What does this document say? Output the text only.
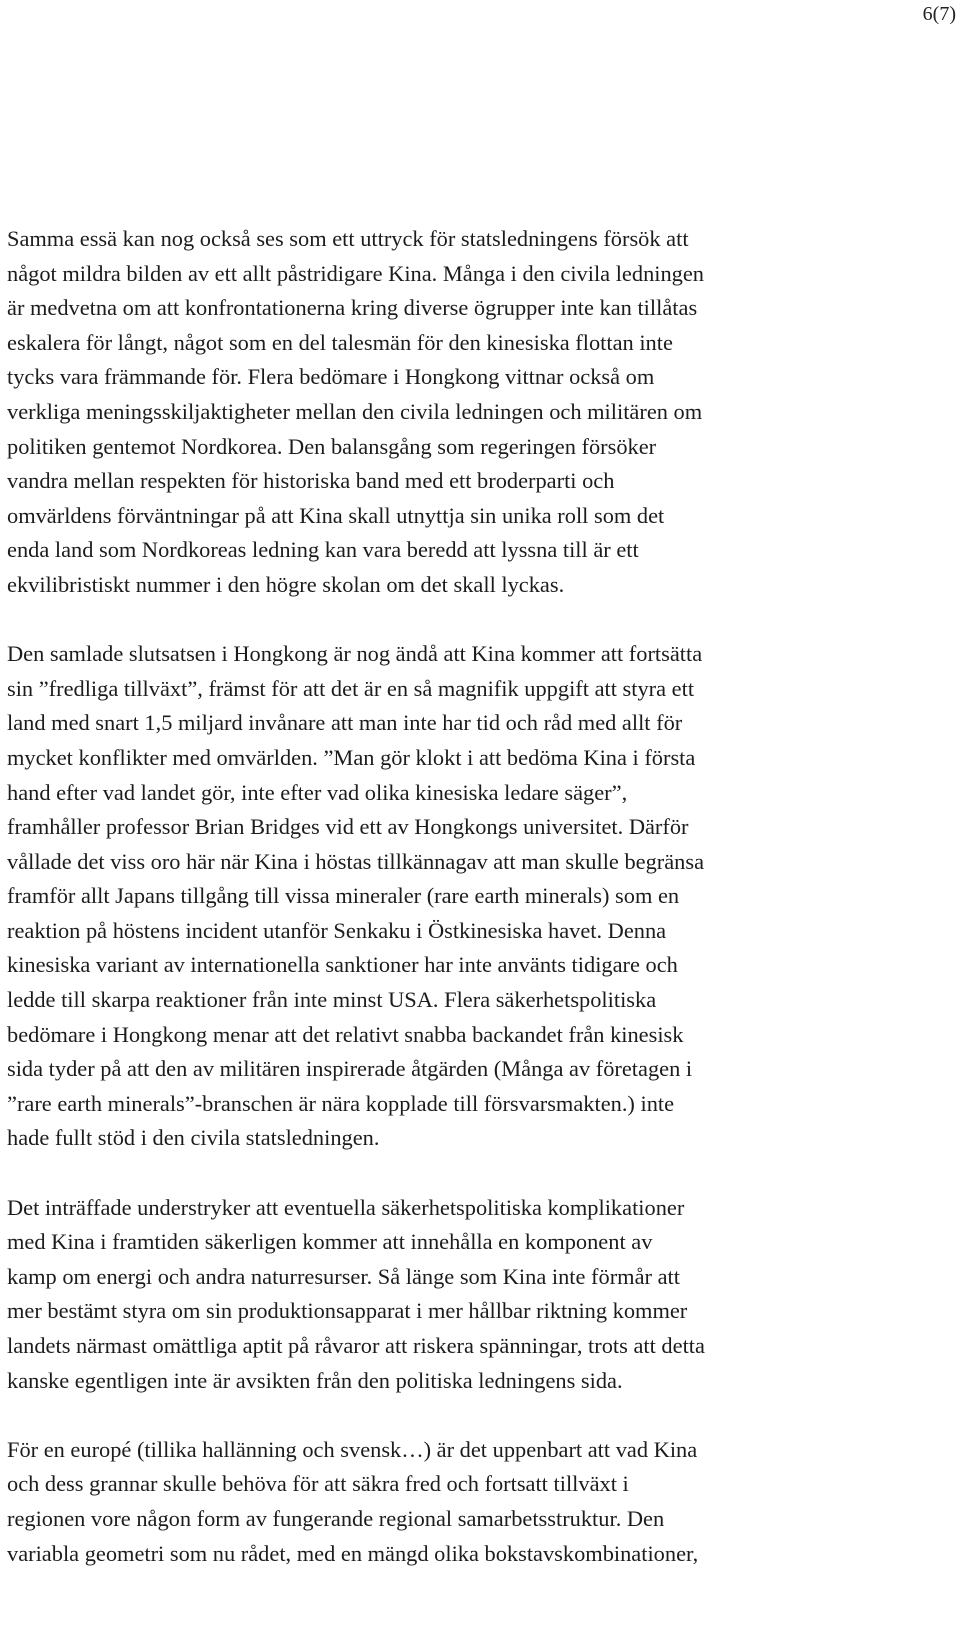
6(7)

Samma essä kan nog också ses som ett uttryck för statsledningens försök att
något mildra bilden av ett allt påstridigare Kina. Många i den civila ledningen
är medvetna om att konfrontationerna kring diverse ögrupper inte kan tillåtas
eskalera för långt, något som en del talesmän för den kinesiska flottan inte
tycks vara främmande för. Flera bedömare i Hongkong vittnar också om
verkliga meningsskiljaktigheter mellan den civila ledningen och militären om
politiken gentemot Nordkorea. Den balansgång som regeringen försöker
vandra mellan respekten för historiska band med ett broderparti och
omvärldens förväntningar på att Kina skall utnyttja sin unika roll som det
enda land som Nordkoreas ledning kan vara beredd att lyssna till är ett
ekvilibristiskt nummer i den högre skolan om det skall lyckas.

Den samlade slutsatsen i Hongkong är nog ändå att Kina kommer att fortsätta
sin ”fredliga tillväxt”, främst för att det är en så magnifik uppgift att styra ett
land med snart 1,5 miljard invånare att man inte har tid och råd med allt för
mycket konflikter med omvärlden. ”Man gör klokt i att bedöma Kina i första
hand efter vad landet gör, inte efter vad olika kinesiska ledare säger”,
framhåller professor Brian Bridges vid ett av Hongkongs universitet. Därför
vållade det viss oro här när Kina i höstas tillkännagav att man skulle begränsa
framför allt Japans tillgång till vissa mineraler (rare earth minerals) som en
reaktion på höstens incident utanför Senkaku i Östkinesiska havet. Denna
kinesiska variant av internationella sanktioner har inte använts tidigare och
ledde till skarpa reaktioner från inte minst USA. Flera säkerhetspolitiska
bedömare i Hongkong menar att det relativt snabba backandet från kinesisk
sida tyder på att den av militären inspirerade åtgärden (Många av företagen i
”rare earth minerals”-branschen är nära kopplade till försvarsmakten.) inte
hade fullt stöd i den civila statsledningen.

Det inträffade understryker att eventuella säkerhetspolitiska komplikationer
med Kina i framtiden säkerligen kommer att innehålla en komponent av
kamp om energi och andra naturresurser. Så länge som Kina inte förmår att
mer bestämt styra om sin produktionsapparat i mer hållbar riktning kommer
landets närmast omättliga aptit på råvaror att riskera spänningar, trots att detta
kanske egentligen inte är avsikten från den politiska ledningens sida.

För en europé (tillika hallänning och svensk…) är det uppenbart att vad Kina
och dess grannar skulle behöva för att säkra fred och fortsatt tillväxt i
regionen vore någon form av fungerande regional samarbetsstruktur. Den
variabla geometri som nu rådet, med en mängd olika bokstavskombinationer,
